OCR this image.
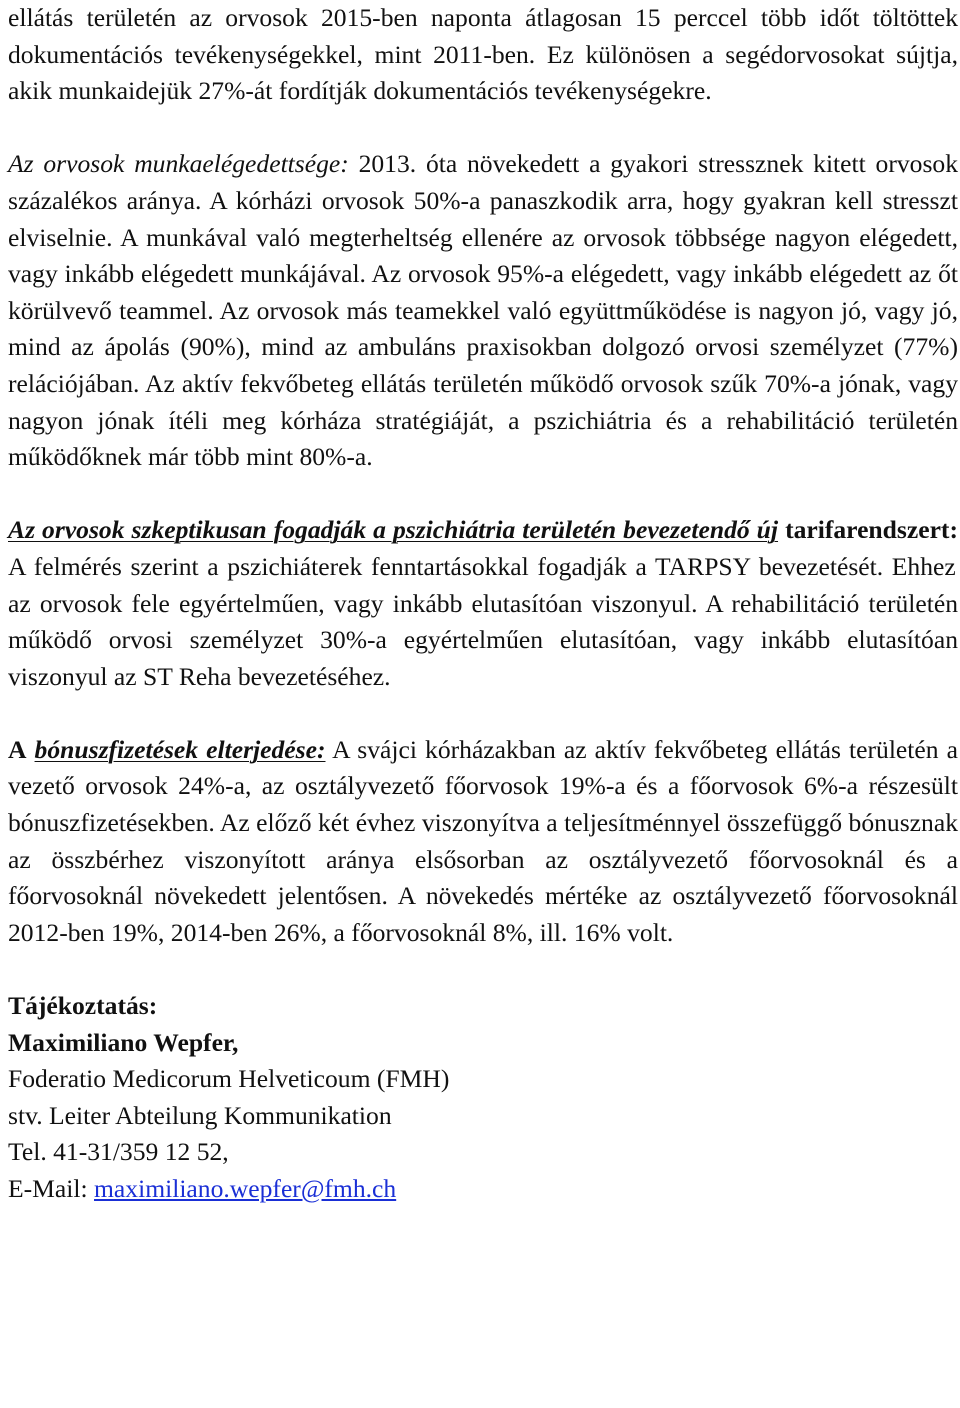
ellátás területén az orvosok 2015-ben naponta átlagosan 15 perccel több időt töltöttek dokumentációs tevékenységekkel, mint 2011-ben. Ez különösen a segédorvosokat sújtja, akik munkaidejük 27%-át fordítják dokumentációs tevékenységekre.

Az orvosok munkaelégedettsége: 2013. óta növekedett a gyakori stressznek kitett orvosok százalékos aránya. A kórházi orvosok 50%-a panaszkodik arra, hogy gyakran kell stresszt elviselnie. A munkával való megterheltség ellenére az orvosok többsége nagyon elégedett, vagy inkább elégedett munkájával. Az orvosok 95%-a elégedett, vagy inkább elégedett az őt körülvevő teammel. Az orvosok más teamekkel való együttműködése is nagyon jó, vagy jó, mind az ápolás (90%), mind az ambuláns praxisokban dolgozó orvosi személyzet (77%) relációjában. Az aktív fekvőbeteg ellátás területén működő orvosok szűk 70%-a jónak, vagy nagyon jónak ítéli meg kórháza stratégiáját, a pszichiátria és a rehabilitáció területén működőknek már több mint 80%-a.

Az orvosok szkeptikusan fogadják a pszichiátria területén bevezetendő új tarifarendszert: A felmérés szerint a pszichiáterek fenntartásokkal fogadják a TARPSY bevezetését. Ehhez az orvosok fele egyértelműen, vagy inkább elutasítóan viszonyul. A rehabilitáció területén működő orvosi személyzet 30%-a egyértelműen elutasítóan, vagy inkább elutasítóan viszonyul az ST Reha bevezetéséhez.

A bónuszfizetések elterjedése: A svájci kórházakban az aktív fekvőbeteg ellátás területén a vezető orvosok 24%-a, az osztályvezető főorvosok 19%-a és a főorvosok 6%-a részesült bónuszfizetésekben. Az előző két évhez viszonyítva a teljesítménnyel összefüggő bónusznak az összbérhez viszonyított aránya elsősorban az osztályvezető főorvosoknál és a főorvosoknál növekedett jelentősen. A növekedés mértéke az osztályvezető főorvosoknál 2012-ben 19%, 2014-ben 26%, a főorvosoknál 8%, ill. 16% volt.

Tájékoztatás:

Maximiliano Wepfer,

Foderatio Medicorum Helveticoum (FMH)

stv. Leiter Abteilung Kommunikation

Tel. 41-31/359 12 52,

E-Mail: maximiliano.wepfer@fmh.ch
